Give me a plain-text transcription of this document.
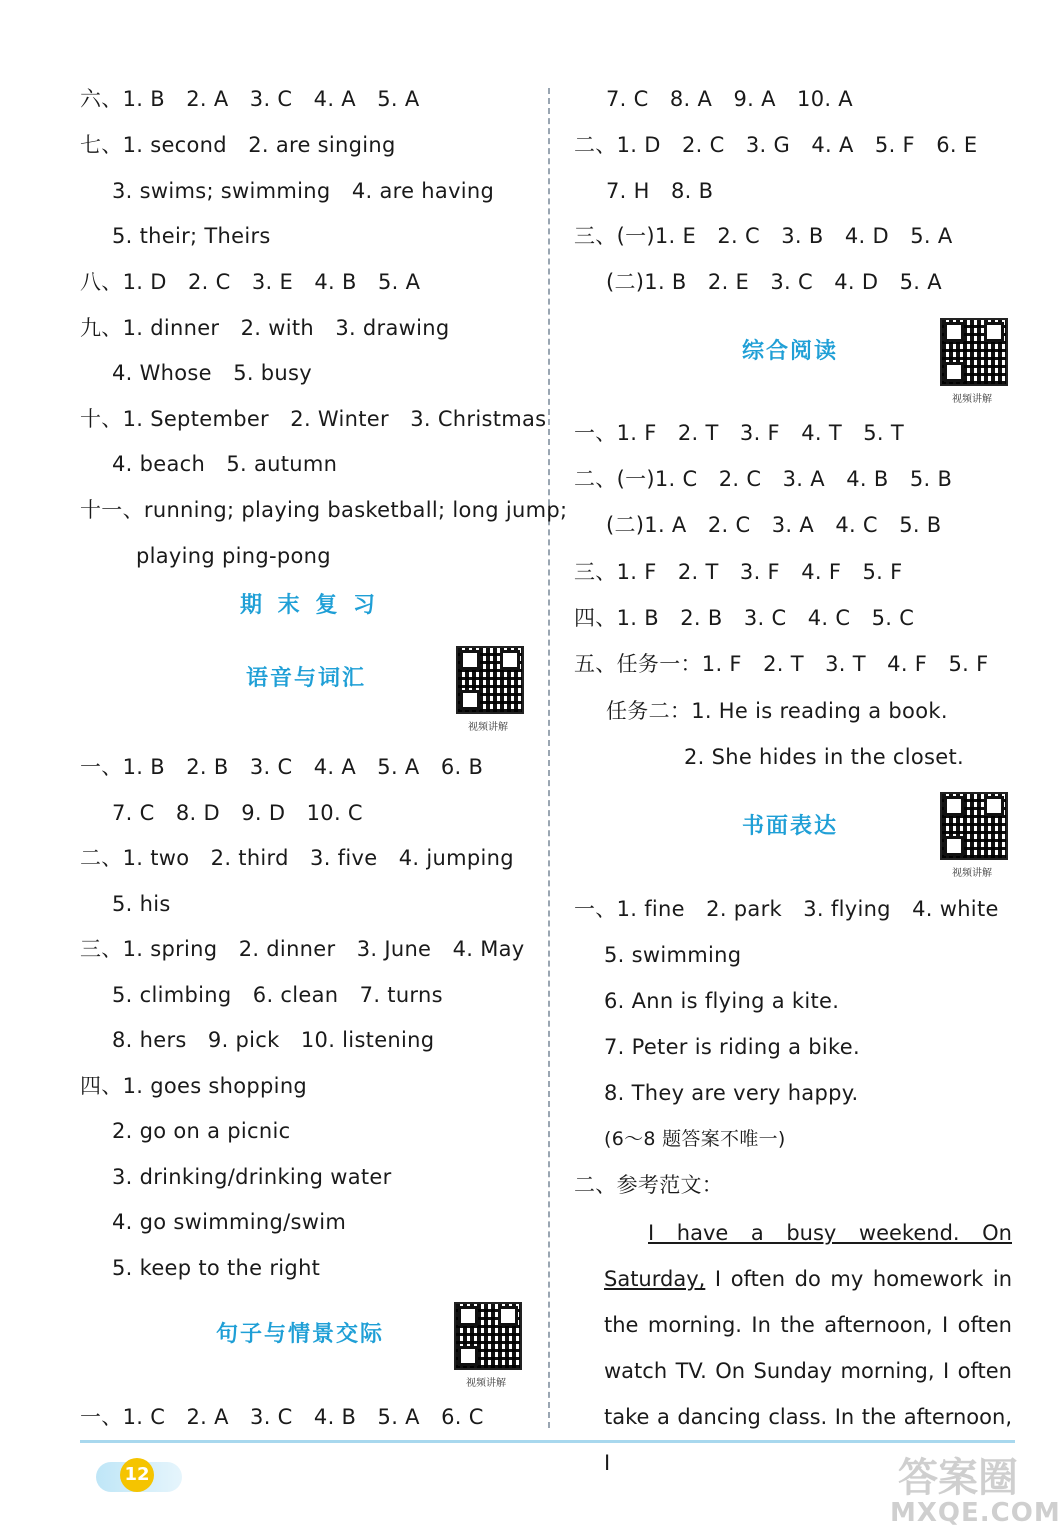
六、1. B　2. A　3. C　4. A　5. A
七、1. second　2. are singing
3. swims; swimming　4. are having
5. their; Theirs
八、1. D　2. C　3. E　4. B　5. A
九、1. dinner　2. with　3. drawing
4. Whose　5. busy
十、1. September　2. Winter　3. Christmas
4. beach　5. autumn
十一、running; playing basketball; long jump;
playing ping-pong
期 末 复 习
语音与词汇
视频讲解
一、1. B　2. B　3. C　4. A　5. A　6. B
7. C　8. D　9. D　10. C
二、1. two　2. third　3. five　4. jumping
5. his
三、1. spring　2. dinner　3. June　4. May
5. climbing　6. clean　7. turns
8. hers　9. pick　10. listening
四、1. goes shopping
2. go on a picnic
3. drinking/drinking water
4. go swimming/swim
5. keep to the right
句子与情景交际
视频讲解
一、1. C　2. A　3. C　4. B　5. A　6. C
7. C　8. A　9. A　10. A
二、1. D　2. C　3. G　4. A　5. F　6. E
7. H　8. B
三、(一)1. E　2. C　3. B　4. D　5. A
(二)1. B　2. E　3. C　4. D　5. A
综合阅读
视频讲解
一、1. F　2. T　3. F　4. T　5. T
二、(一)1. C　2. C　3. A　4. B　5. B
(二)1. A　2. C　3. A　4. C　5. B
三、1. F　2. T　3. F　4. F　5. F
四、1. B　2. B　3. C　4. C　5. C
五、任务一：1. F　2. T　3. T　4. F　5. F
任务二：1. He is reading a book.
2. She hides in the closet.
书面表达
视频讲解
一、1. fine　2. park　3. flying　4. white
5. swimming
6. Ann is flying a kite.
7. Peter is riding a bike.
8. They are very happy.
(6～8 题答案不唯一)
二、参考范文：
I have a busy weekend. On Saturday, I often do my homework in the morning. In the afternoon, I often watch TV. On Sunday morning, I often take a dancing class. In the afternoon, I
12	答案圈
MXQE.COM
